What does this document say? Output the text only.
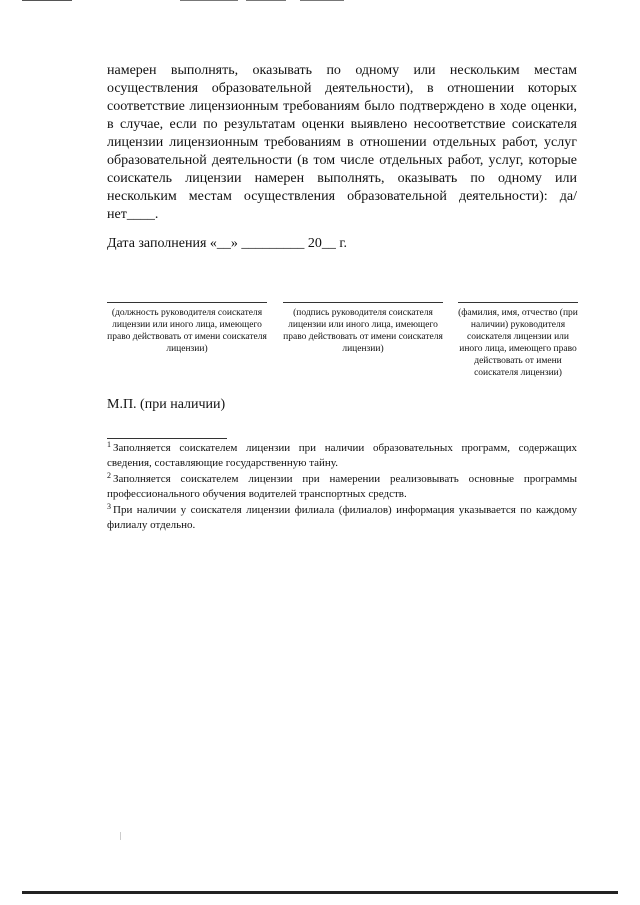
намерен выполнять, оказывать по одному или нескольким местам осуществления образовательной деятельности), в отношении которых соответствие лицензионным требованиям было подтверждено в ходе оценки, в случае, если по результатам оценки выявлено несоответствие соискателя лицензии лицензионным требованиям в отношении отдельных работ, услуг образовательной деятельности (в том числе отдельных работ, услуг, которые соискатель лицензии намерен выполнять, оказывать по одному или нескольким местам осуществления образовательной деятельности): да/нет____.

Дата заполнения «__» _________ 20__ г.

(должность руководителя соискателя лицензии или иного лица, имеющего право действовать от имени соискателя лицензии)

(подпись руководителя соискателя лицензии или иного лица, имеющего право действовать от имени соискателя лицензии)

(фамилия, имя, отчество (при наличии) руководителя соискателя лицензии или иного лица, имеющего право действовать от имени соискателя лицензии)

М.П. (при наличии)

$^1$ Заполняется соискателем лицензии при наличии образовательных программ, содержащих сведения, составляющие государственную тайну.

$^2$ Заполняется соискателем лицензии при намерении реализовывать основные программы профессионального обучения водителей транспортных средств.

$^3$ При наличии у соискателя лицензии филиала (филиалов) информация указывается по каждому филиалу отдельно.
